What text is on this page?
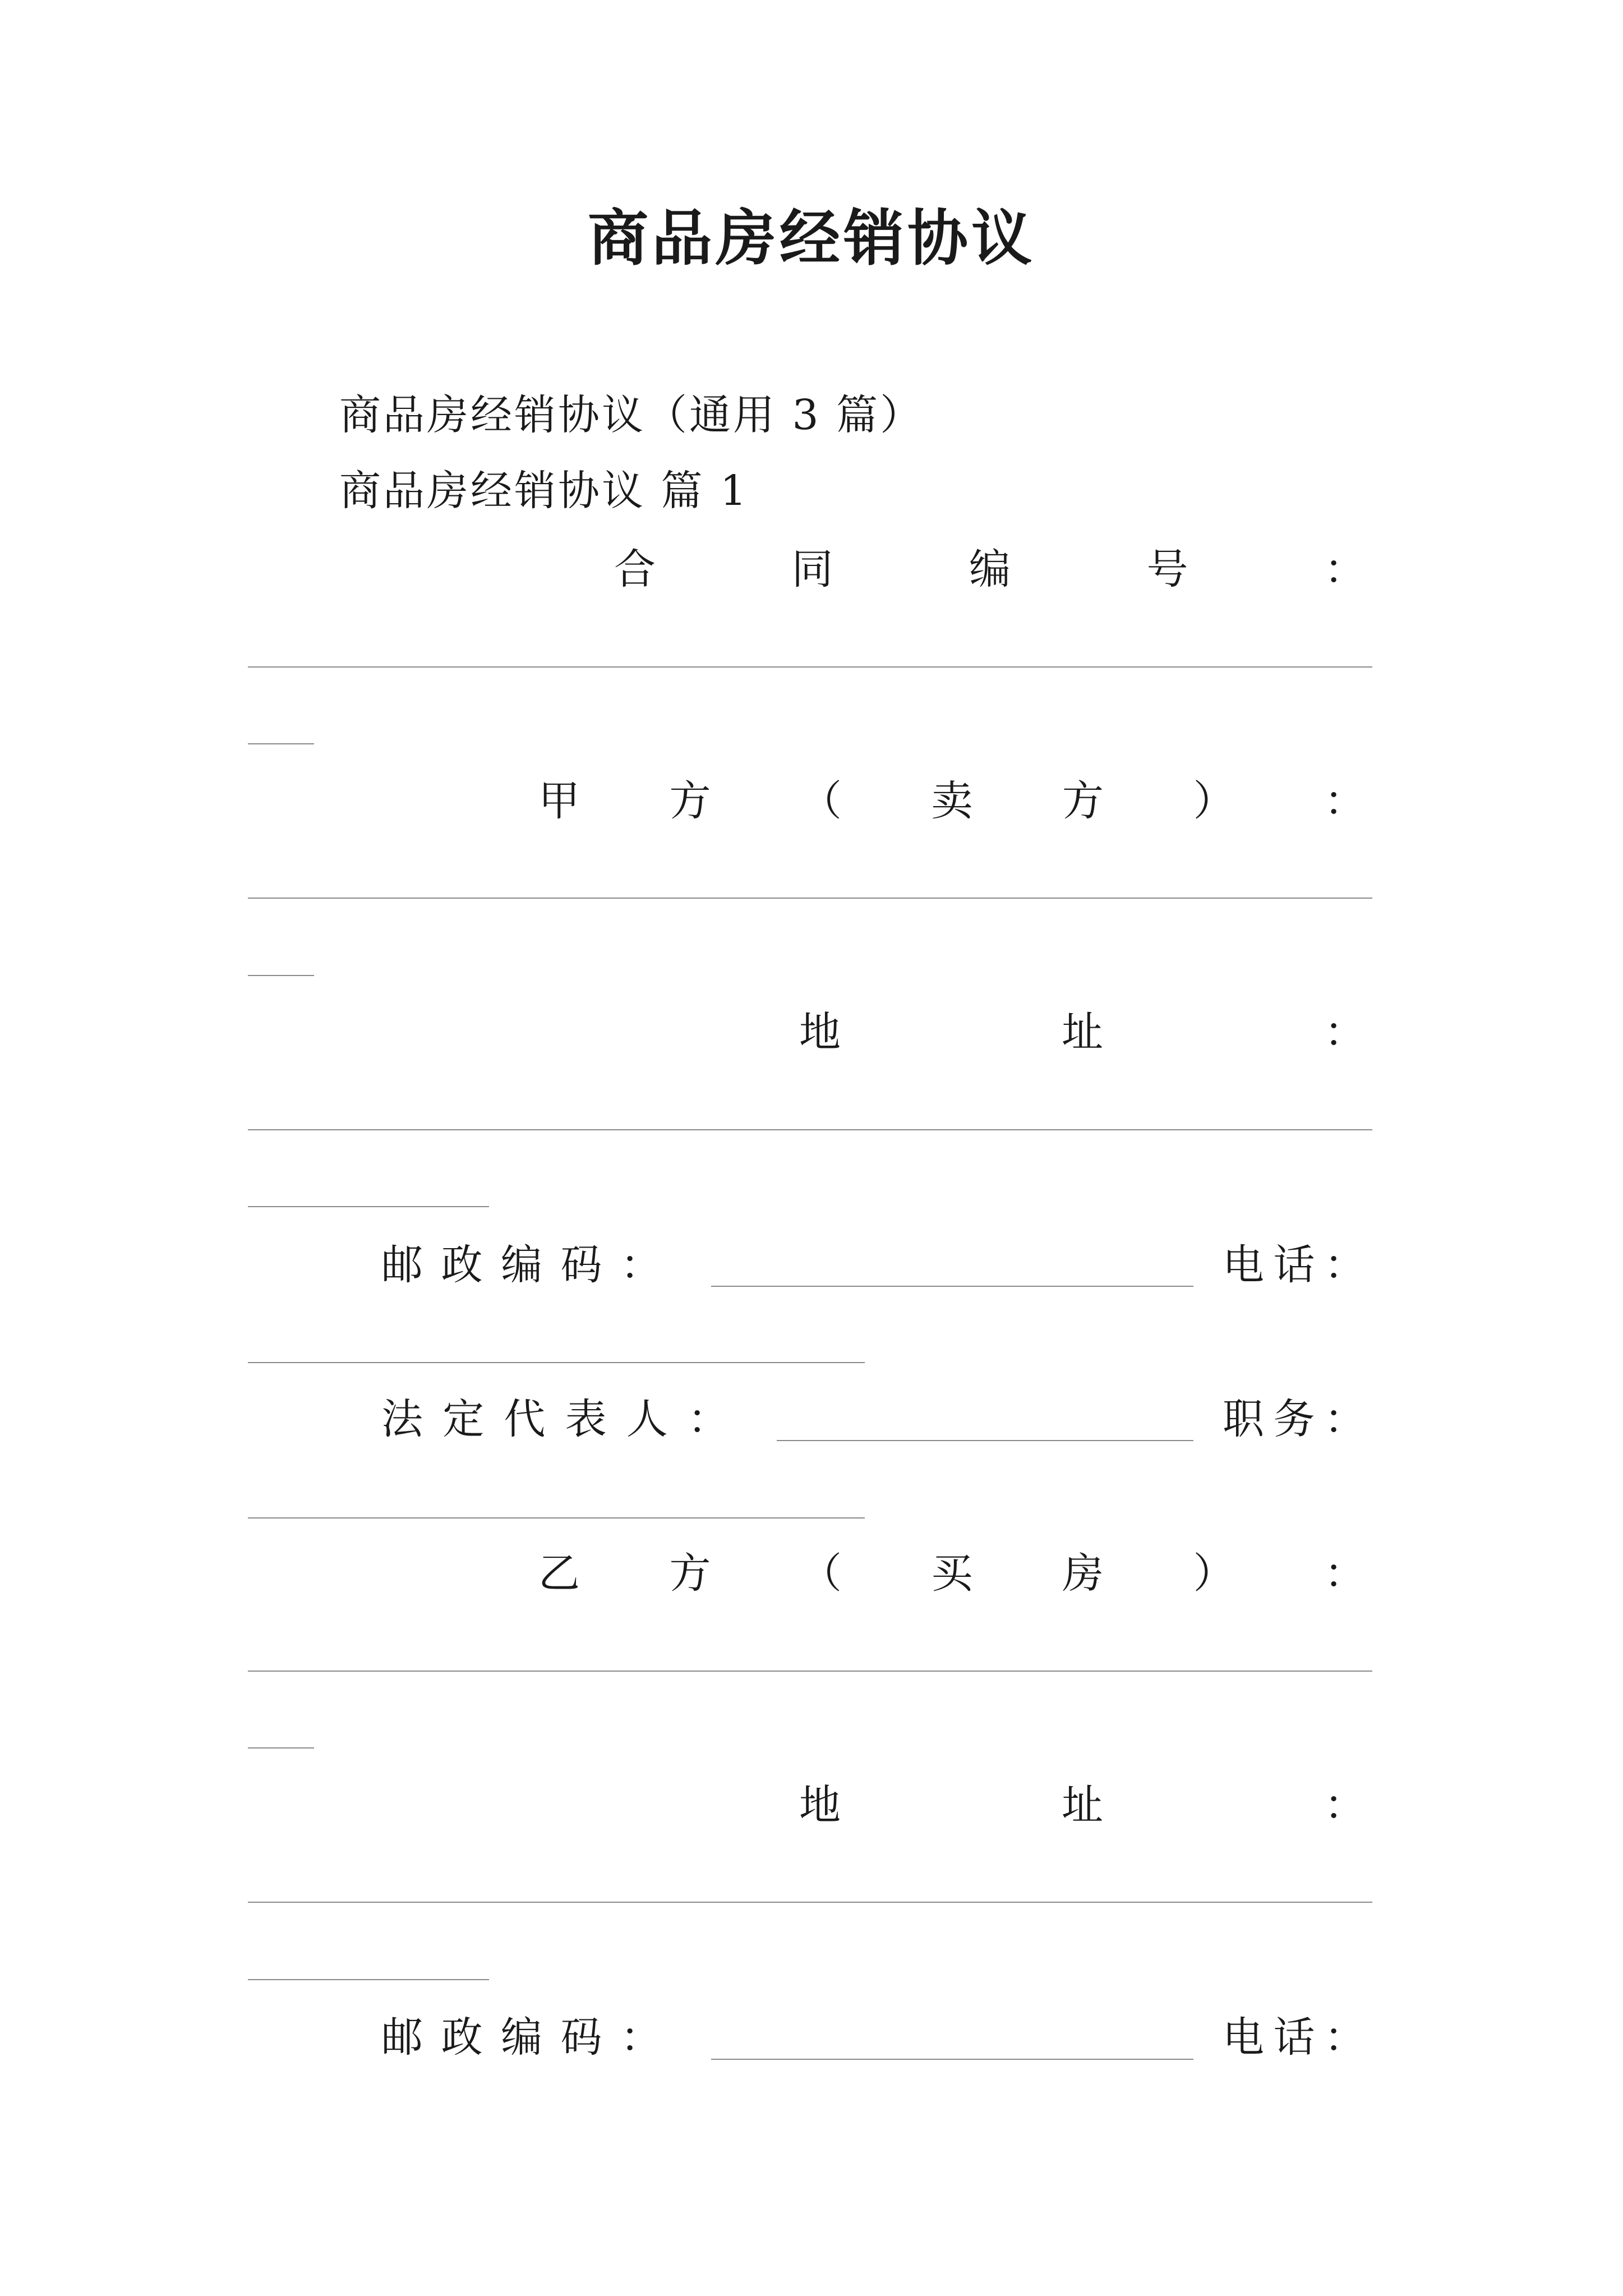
商品房经销协议
商品房经销协议（通用 3 篇）
商品房经销协议 篇 1
合	同	编	号	：
甲 方 （ 卖 方 ） ：
地	址	：
邮 政 编 码 ：	电 话 ：
法 定 代 表 人 ：	职 务 ：
乙 方 （ 买 房 ） ：
地	址	：
邮 政 编 码 ：	电 话 ：
